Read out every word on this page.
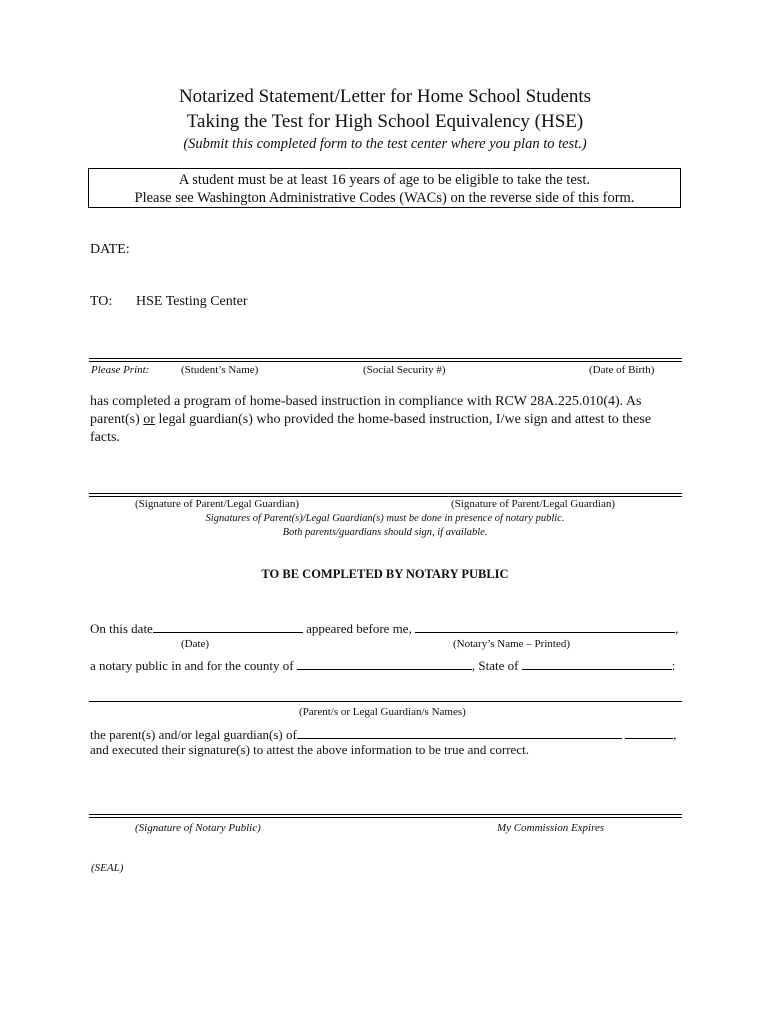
Notarized Statement/Letter for Home School Students
Taking the Test for High School Equivalency (HSE)
(Submit this completed form to the test center where you plan to test.)
A student must be at least 16 years of age to be eligible to take the test.
Please see Washington Administrative Codes (WACs) on the reverse side of this form.
DATE:
TO: HSE Testing Center
Please Print:	(Student’s Name)	(Social Security #)	(Date of Birth)
has completed a program of home-based instruction in compliance with RCW 28A.225.010(4). As parent(s) or legal guardian(s) who provided the home-based instruction, I/we sign and attest to these facts.
(Signature of Parent/Legal Guardian)	(Signature of Parent/Legal Guardian)
Signatures of Parent(s)/Legal Guardian(s) must be done in presence of notary public.
Both parents/guardians should sign, if available.
TO BE COMPLETED BY NOTARY PUBLIC
On this date	appeared before me,	,
(Date)	(Notary’s Name – Printed)
a notary public in and for the county of	, State of	:
(Parent/s or Legal Guardian/s Names)
the parent(s) and/or legal guardian(s) of	,
and executed their signature(s) to attest the above information to be true and correct.
(Signature of Notary Public)	My Commission Expires
(SEAL)
